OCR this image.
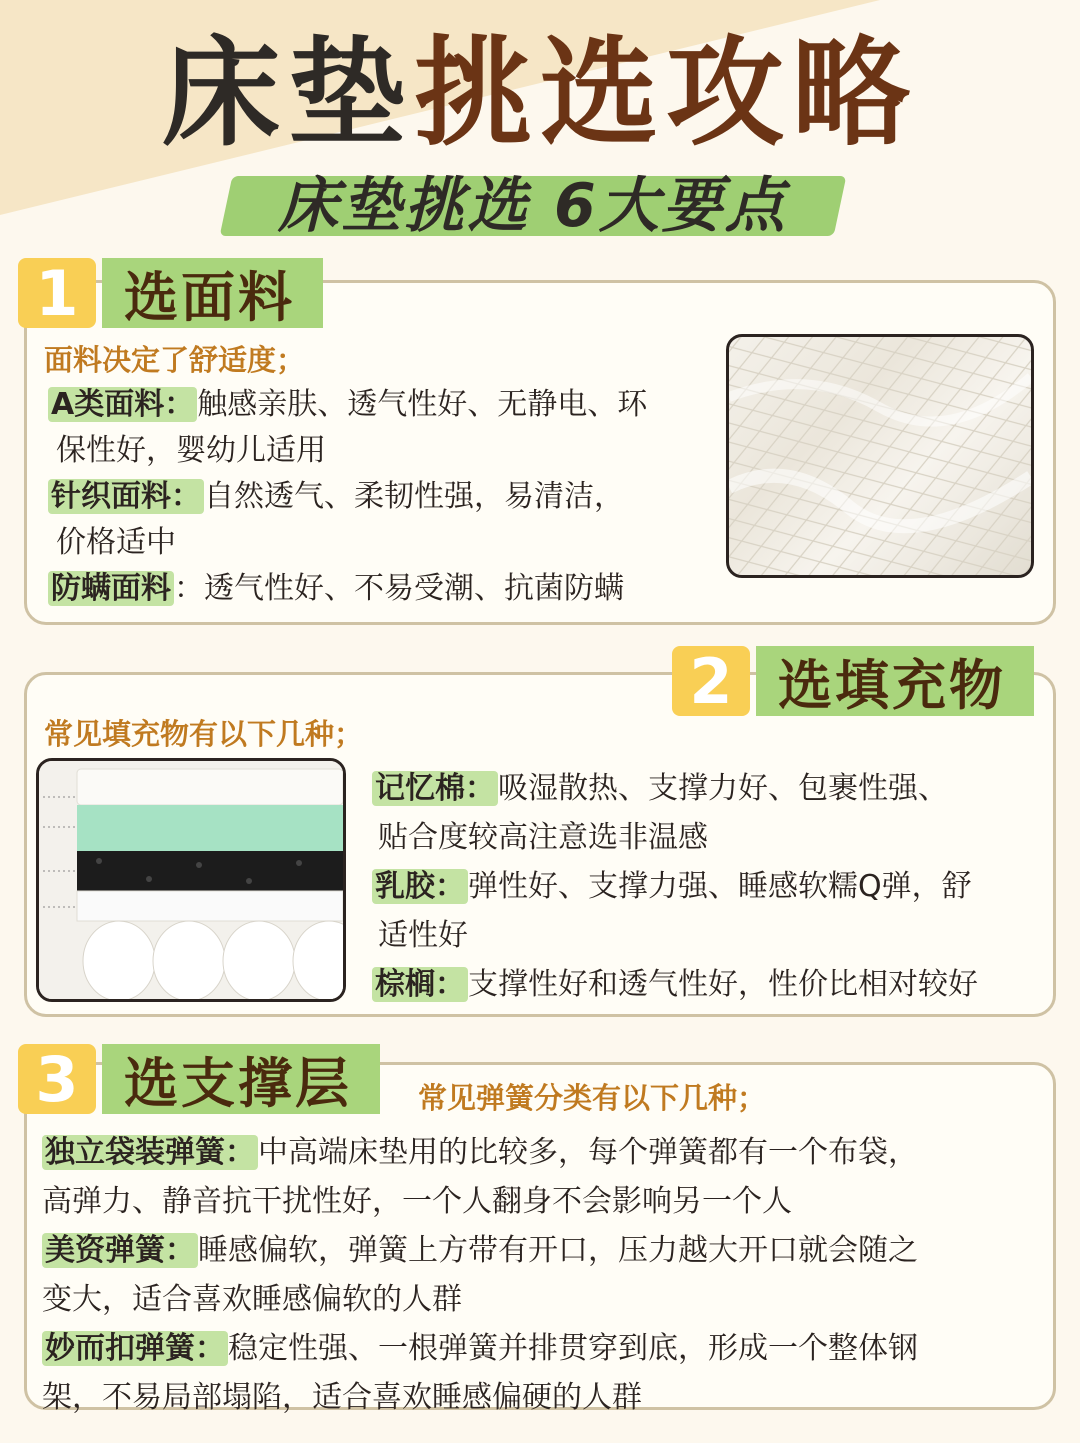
床垫挑选攻略
床垫挑选 6大要点
1 选面料
面料决定了舒适度；
A类面料： 触感亲肤、透气性好、无静电、环
保性好，婴幼儿适用
针织面料： 自然透气、柔韧性强，易清洁，
价格适中
防螨面料 ：透气性好、不易受潮、抗菌防螨
2 选填充物
常见填充物有以下几种；
记忆棉： 吸湿散热、支撑力好、包裹性强、
贴合度较高注意选非温感
乳胶： 弹性好、支撑力强、睡感软糯Q弹，舒
适性好
棕榈： 支撑性好和透气性好，性价比相对较好
3 选支撑层	常见弹簧分类有以下几种；
独立袋装弹簧： 中高端床垫用的比较多，每个弹簧都有一个布袋，
高弹力、静音抗干扰性好，一个人翻身不会影响另一个人
美资弹簧： 睡感偏软，弹簧上方带有开口，压力越大开口就会随之
变大，适合喜欢睡感偏软的人群
妙而扣弹簧： 稳定性强、一根弹簧并排贯穿到底，形成一个整体钢
架，不易局部塌陷，适合喜欢睡感偏硬的人群
